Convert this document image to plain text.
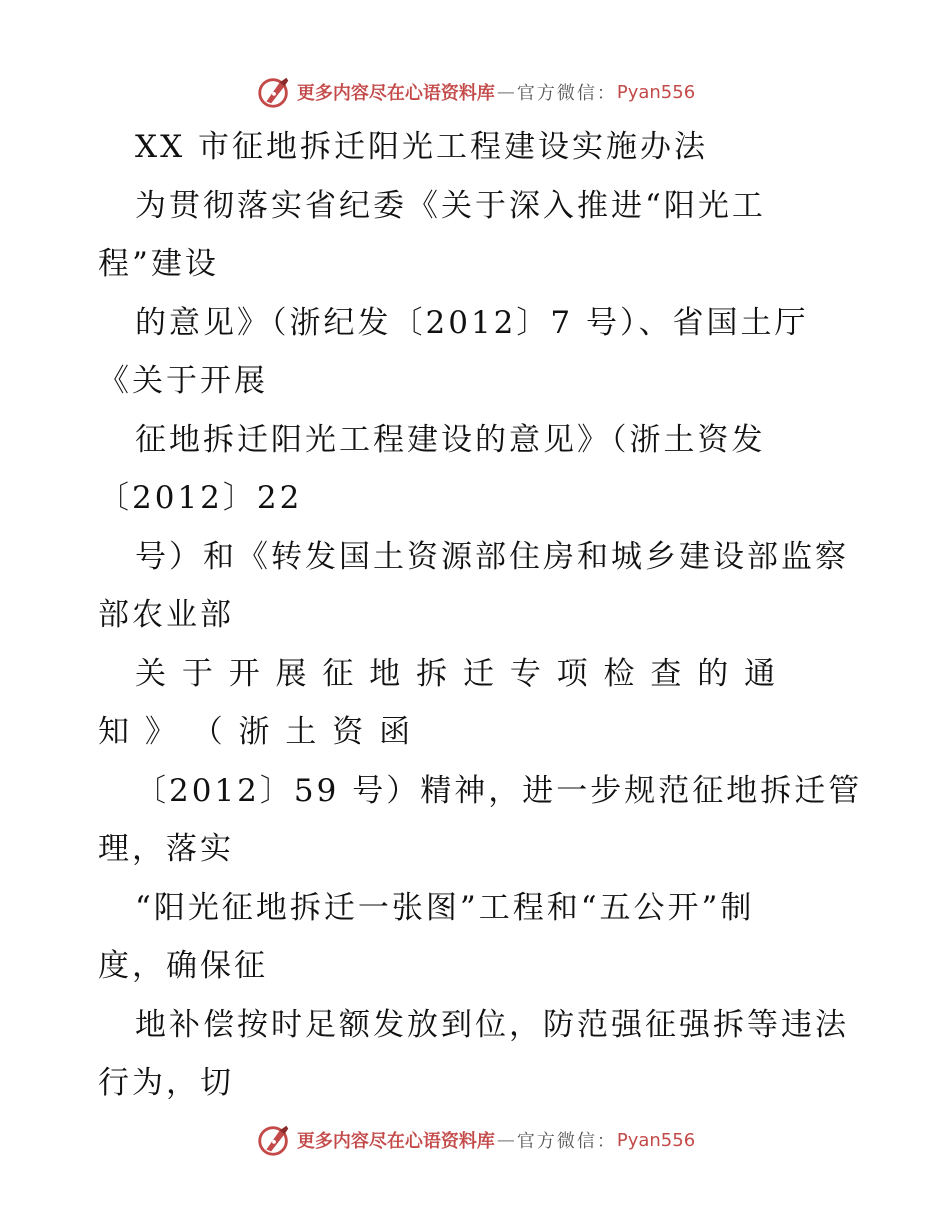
更多内容尽在心语资料库 — 官方微信： Pyan556
XX 市征地拆迁阳光工程建设实施办法
为贯彻落实省纪委《关于深入推进“阳光工
程”建设
的意见》（浙纪发〔2012〕7 号）、省国土厅
《关于开展
征地拆迁阳光工程建设的意见》（浙土资发
〔2012〕22
号）和《转发国土资源部住房和城乡建设部监察
部农业部
关 于 开 展 征 地 拆 迁 专 项 检 查 的 通
知 》 （ 浙 土 资 函
〔2012〕59 号）精神，进一步规范征地拆迁管
理，落实
“阳光征地拆迁一张图”工程和“五公开”制
度，确保征
地补偿按时足额发放到位，防范强征强拆等违法
行为，切
更多内容尽在心语资料库 — 官方微信： Pyan556
